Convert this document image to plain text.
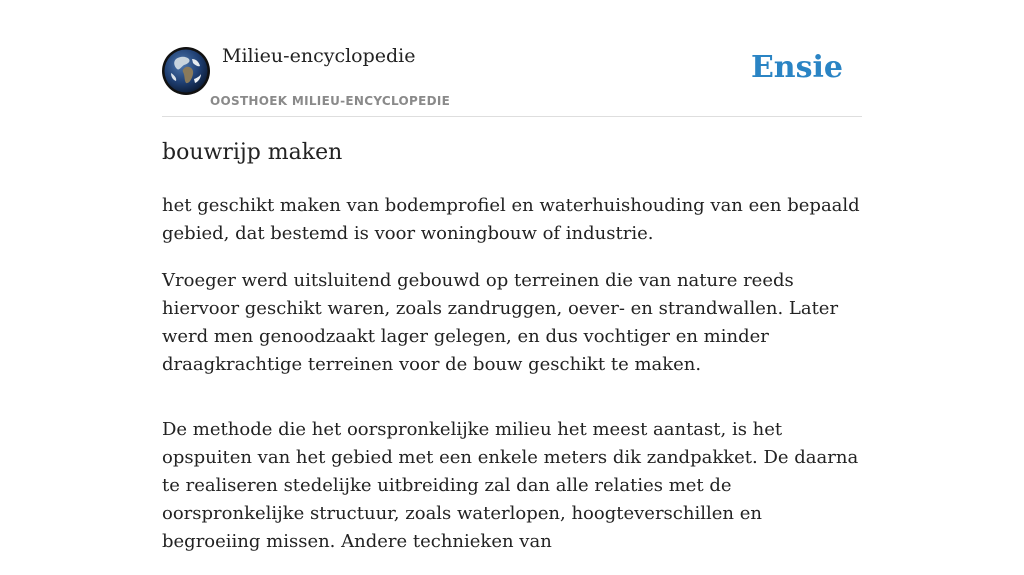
Milieu-encyclopedie
OOSTHOEK MILIEU-ENCYCLOPEDIE
Ensie
bouwrijp maken

het geschikt maken van bodemprofiel en waterhuishouding van een bepaald gebied, dat bestemd is voor woningbouw of industrie.

Vroeger werd uitsluitend gebouwd op terreinen die van nature reeds hiervoor geschikt waren, zoals zandruggen, oever- en strandwallen. Later werd men genoodzaakt lager gelegen, en dus vochtiger en minder draagkrachtige terreinen voor de bouw geschikt te maken.

De methode die het oorspronkelijke milieu het meest aantast, is het opspuiten van het gebied met een enkele meters dik zandpakket. De daarna te realiseren stedelijke uitbreiding zal dan alle relaties met de oorspronkelijke structuur, zoals waterlopen, hoogteverschillen en begroeiing missen. Andere technieken van
